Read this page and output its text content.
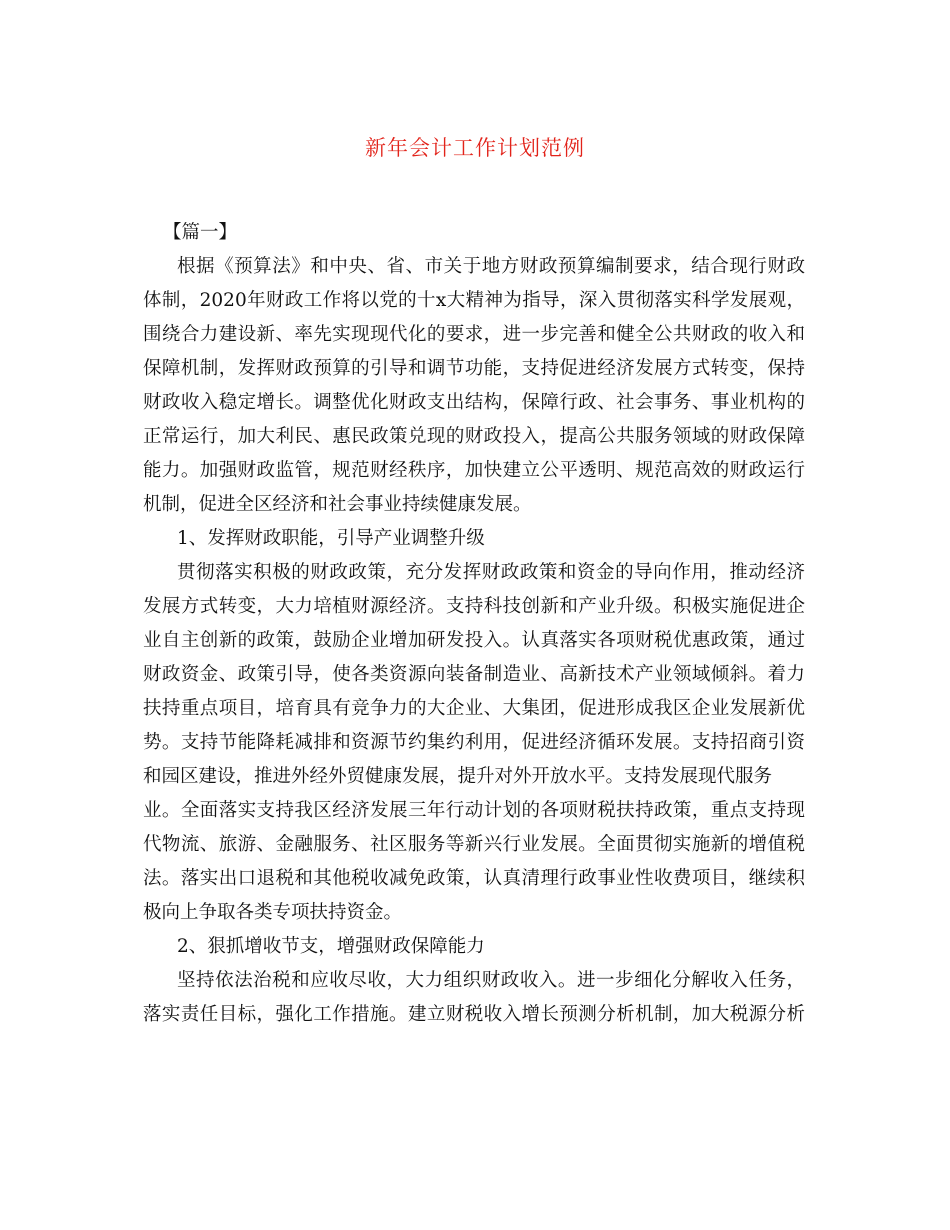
新年会计工作计划范例
【篇一】
根据《预算法》和中央、省、市关于地方财政预算编制要求，结合现行财政
体制，2020年财政工作将以党的十x大精神为指导，深入贯彻落实科学发展观，
围绕合力建设新、率先实现现代化的要求，进一步完善和健全公共财政的收入和
保障机制，发挥财政预算的引导和调节功能，支持促进经济发展方式转变，保持
财政收入稳定增长。调整优化财政支出结构，保障行政、社会事务、事业机构的
正常运行，加大利民、惠民政策兑现的财政投入，提高公共服务领域的财政保障
能力。加强财政监管，规范财经秩序，加快建立公平透明、规范高效的财政运行
机制，促进全区经济和社会事业持续健康发展。
1、发挥财政职能，引导产业调整升级
贯彻落实积极的财政政策，充分发挥财政政策和资金的导向作用，推动经济
发展方式转变，大力培植财源经济。支持科技创新和产业升级。积极实施促进企
业自主创新的政策，鼓励企业增加研发投入。认真落实各项财税优惠政策，通过
财政资金、政策引导，使各类资源向装备制造业、高新技术产业领域倾斜。着力
扶持重点项目，培育具有竞争力的大企业、大集团，促进形成我区企业发展新优
势。支持节能降耗减排和资源节约集约利用，促进经济循环发展。支持招商引资
和园区建设，推进外经外贸健康发展，提升对外开放水平。支持发展现代服务
业。全面落实支持我区经济发展三年行动计划的各项财税扶持政策，重点支持现
代物流、旅游、金融服务、社区服务等新兴行业发展。全面贯彻实施新的增值税
法。落实出口退税和其他税收减免政策，认真清理行政事业性收费项目，继续积
极向上争取各类专项扶持资金。
2、狠抓增收节支，增强财政保障能力
坚持依法治税和应收尽收，大力组织财政收入。进一步细化分解收入任务，
落实责任目标，强化工作措施。建立财税收入增长预测分析机制，加大税源分析
